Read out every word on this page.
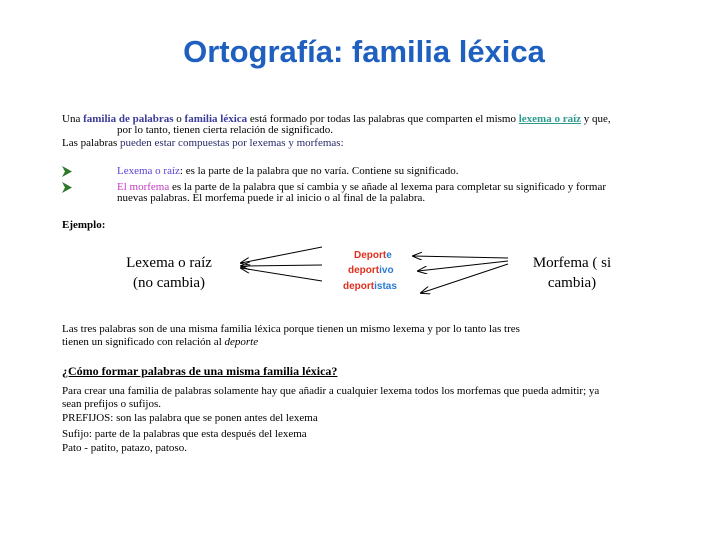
Ortografía: familia léxica
Una familia de palabras o familia léxica está formado por todas las palabras que comparten el mismo lexema o raíz y que,
por lo tanto, tienen cierta relación de significado.
Las palabras pueden estar compuestas por lexemas y morfemas:
Lexema o raíz: es la parte de la palabra que no varía. Contiene su significado.
El morfema es la parte de la palabra que sí cambia y se añade al lexema para completar su significado y formar
nuevas palabras. El morfema puede ir al inicio o al final de la palabra.
Ejemplo:
Lexema o raíz
(no cambia)
Morfema ( si
cambia)
Deporte
deportivo
deportistas
Las tres palabras son de una misma familia léxica porque tienen un mismo lexema y por lo tanto las tres
tienen un significado con relación al deporte
¿Cómo formar palabras de una misma familia léxica?
Para crear una familia de palabras solamente hay que añadir a cualquier lexema todos los morfemas que pueda admitir; ya
sean prefijos o sufijos.
PREFIJOS: son las palabra que se ponen antes del lexema
Sufijo: parte de la palabras que esta después del lexema
Pato - patito, patazo, patoso.
